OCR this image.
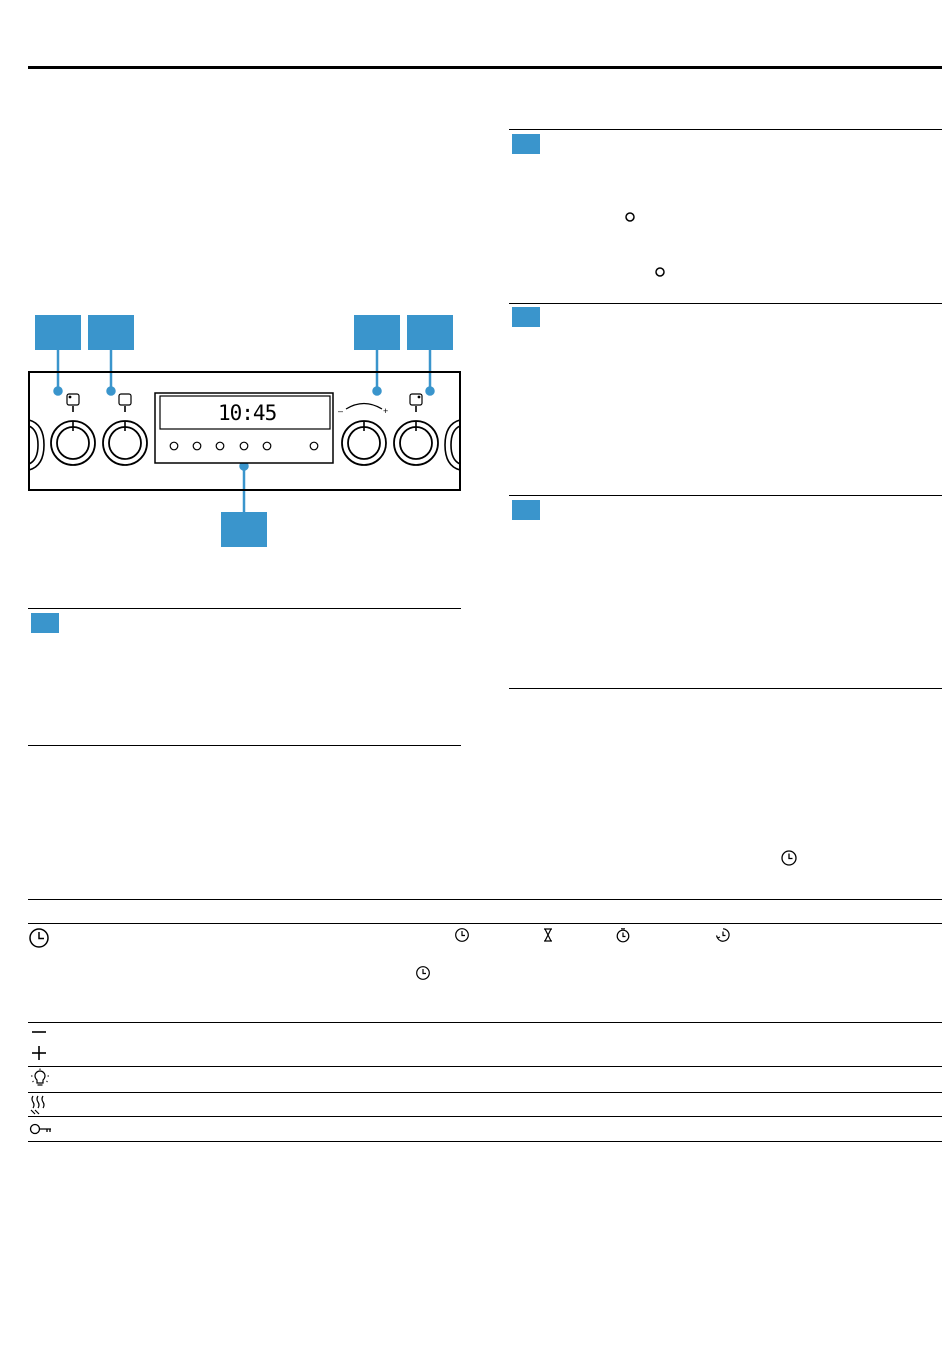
–	+
10:45
